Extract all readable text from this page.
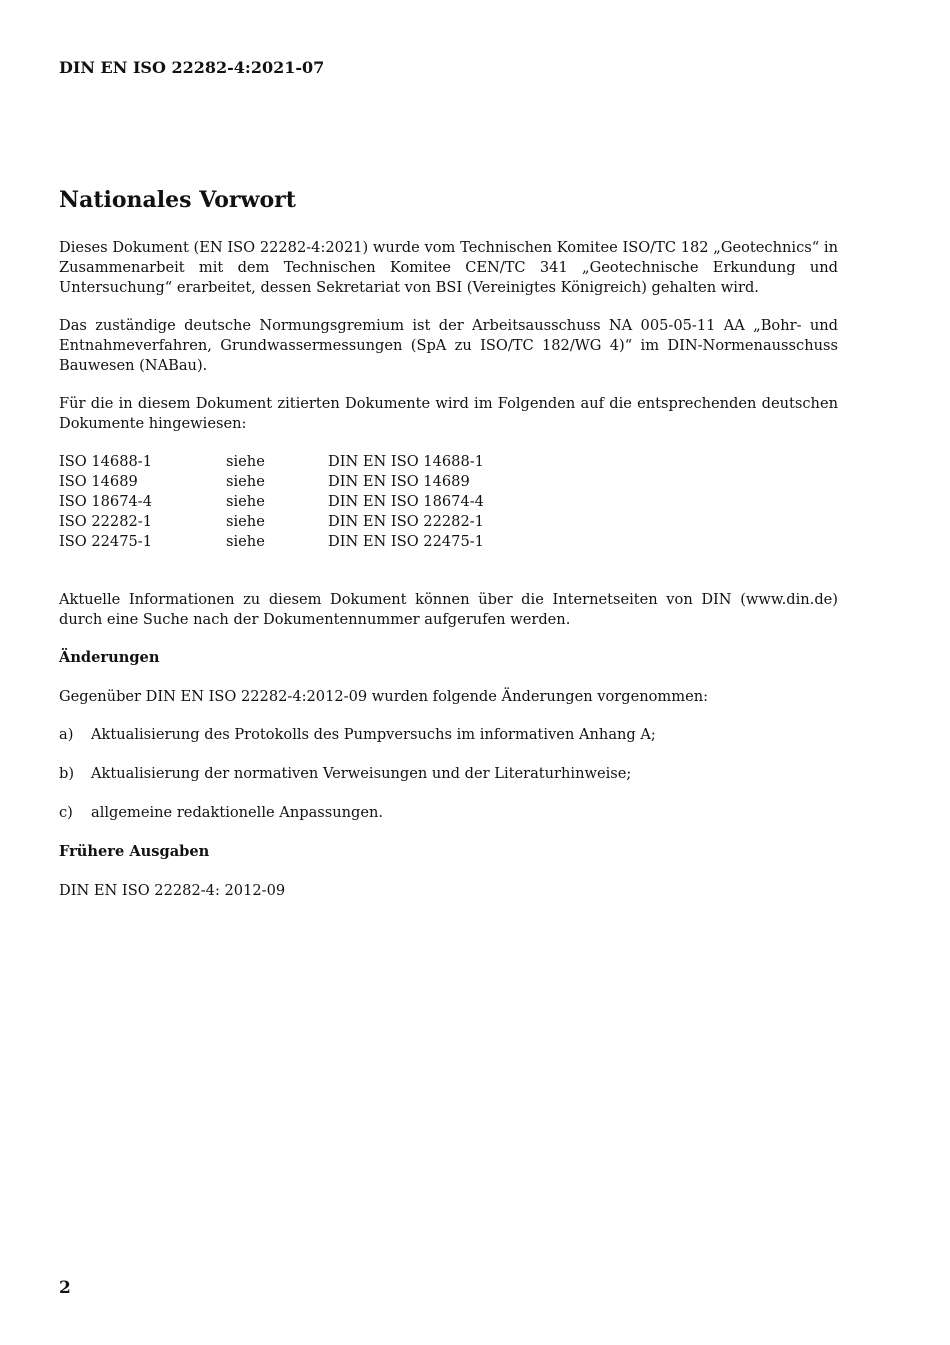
DIN EN ISO 22282-4:2021-07
Nationales Vorwort

Dieses Dokument (EN ISO 22282-4:2021) wurde vom Technischen Komitee ISO/TC 182 „Geotechnics“ in Zusammenarbeit mit dem Technischen Komitee CEN/TC 341 „Geotechnische Erkundung und Untersuchung“ erarbeitet, dessen Sekretariat von BSI (Vereinigtes Königreich) gehalten wird.

Das zuständige deutsche Normungsgremium ist der Arbeitsausschuss NA 005-05-11 AA „Bohr- und Entnahmeverfahren, Grundwassermessungen (SpA zu ISO/TC 182/WG 4)“ im DIN-Normenausschuss Bauwesen (NABau).

Für die in diesem Dokument zitierten Dokumente wird im Folgenden auf die entsprechenden deutschen Dokumente hingewiesen:

ISO 14688-1	siehe	DIN EN ISO 14688-1
ISO 14689	siehe	DIN EN ISO 14689
ISO 18674-4	siehe	DIN EN ISO 18674-4
ISO 22282-1	siehe	DIN EN ISO 22282-1
ISO 22475-1	siehe	DIN EN ISO 22475-1

Aktuelle Informationen zu diesem Dokument können über die Internetseiten von DIN (www.din.de) durch eine Suche nach der Dokumentennummer aufgerufen werden.

Änderungen

Gegenüber DIN EN ISO 22282-4:2012-09 wurden folgende Änderungen vorgenommen:

a)	Aktualisierung des Protokolls des Pumpversuchs im informativen Anhang A;
b)	Aktualisierung der normativen Verweisungen und der Literaturhinweise;
c)	allgemeine redaktionelle Anpassungen.
Frühere Ausgaben

DIN EN ISO 22282-4: 2012-09

2
